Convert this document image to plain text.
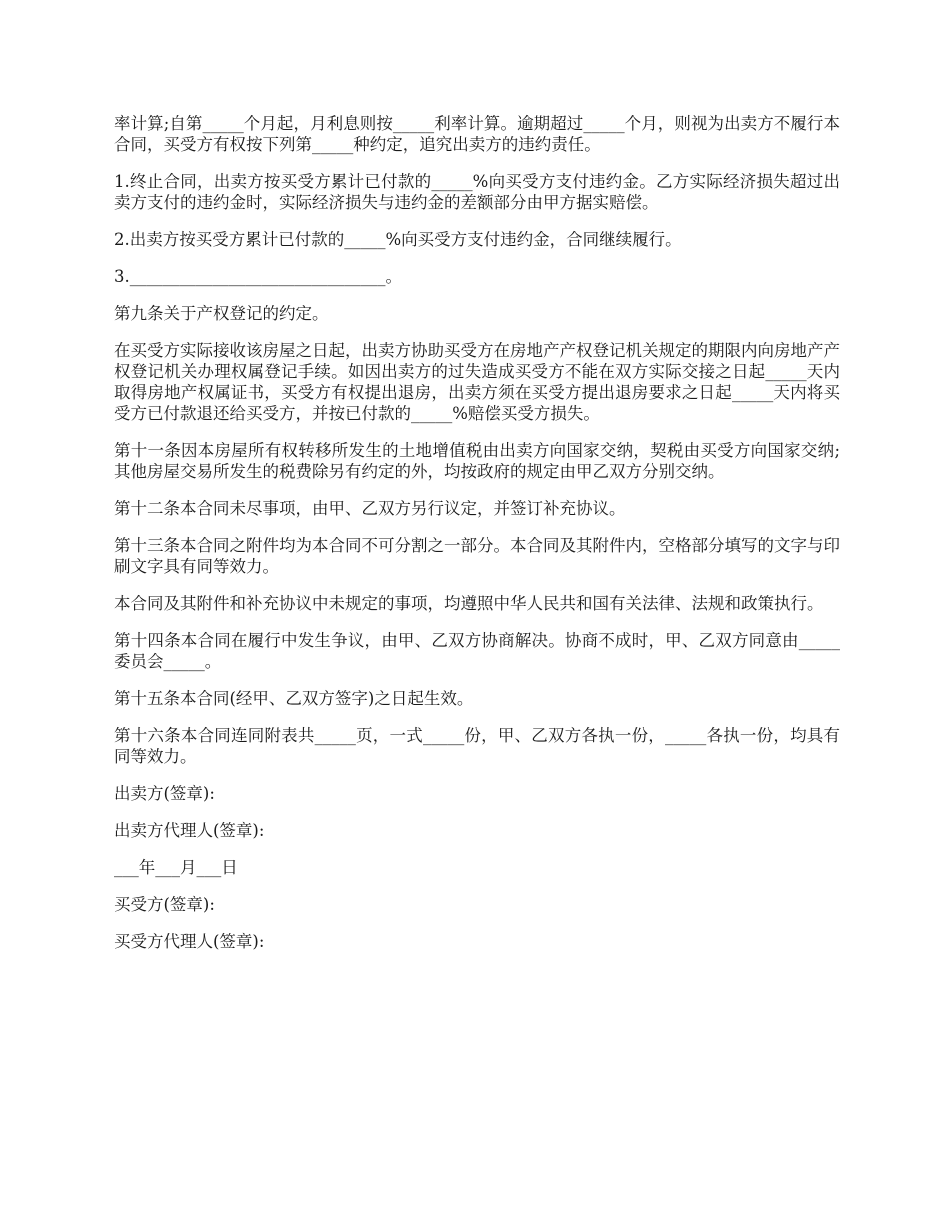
率计算;自第_____个月起，月利息则按_____利率计算。逾期超过_____个月，则视为出卖方不履行本合同，买受方有权按下列第_____种约定，追究出卖方的违约责任。

1.终止合同，出卖方按买受方累计已付款的_____%向买受方支付违约金。乙方实际经济损失超过出卖方支付的违约金时，实际经济损失与违约金的差额部分由甲方据实赔偿。

2.出卖方按买受方累计已付款的_____%向买受方支付违约金，合同继续履行。

3._______________________________。

第九条关于产权登记的约定。

在买受方实际接收该房屋之日起，出卖方协助买受方在房地产产权登记机关规定的期限内向房地产产权登记机关办理权属登记手续。如因出卖方的过失造成买受方不能在双方实际交接之日起_____天内取得房地产权属证书，买受方有权提出退房，出卖方须在买受方提出退房要求之日起_____天内将买受方已付款退还给买受方，并按已付款的_____%赔偿买受方损失。

第十一条因本房屋所有权转移所发生的土地增值税由出卖方向国家交纳，契税由买受方向国家交纳;其他房屋交易所发生的税费除另有约定的外，均按政府的规定由甲乙双方分别交纳。

第十二条本合同未尽事项，由甲、乙双方另行议定，并签订补充协议。

第十三条本合同之附件均为本合同不可分割之一部分。本合同及其附件内，空格部分填写的文字与印刷文字具有同等效力。

本合同及其附件和补充协议中未规定的事项，均遵照中华人民共和国有关法律、法规和政策执行。

第十四条本合同在履行中发生争议，由甲、乙双方协商解决。协商不成时，甲、乙双方同意由_____委员会_____。

第十五条本合同(经甲、乙双方签字)之日起生效。

第十六条本合同连同附表共_____页，一式_____份，甲、乙双方各执一份，_____各执一份，均具有同等效力。

出卖方(签章):

出卖方代理人(签章):

___年___月___日

买受方(签章):

买受方代理人(签章):
